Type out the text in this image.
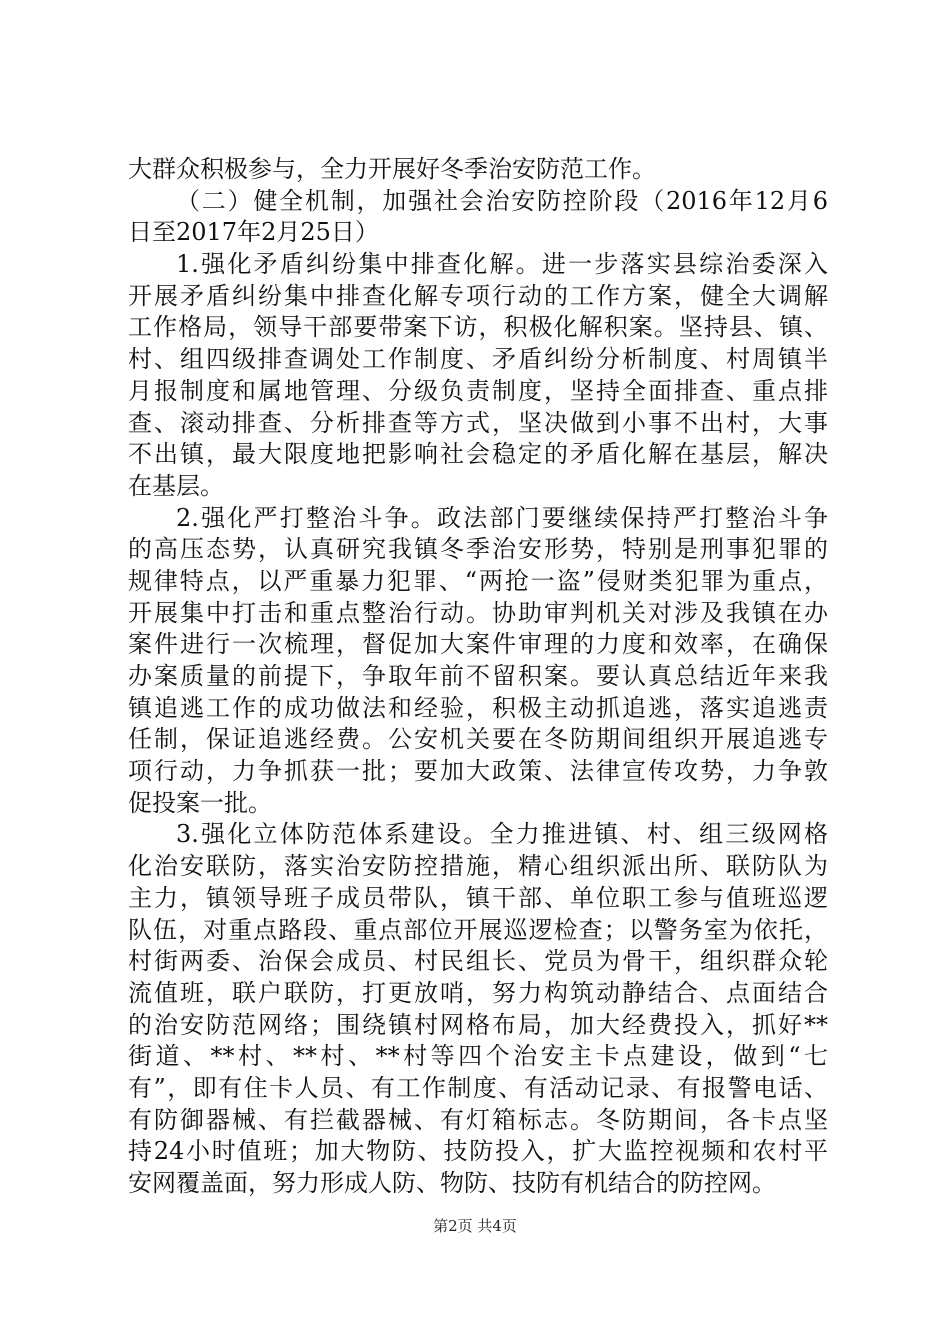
大群众积极参与，全力开展好冬季治安防范工作。
（二）健全机制，加强社会治安防控阶段（2016年12月6
日至2017年2月25日）
1.强化矛盾纠纷集中排查化解。进一步落实县综治委深入
开展矛盾纠纷集中排查化解专项行动的工作方案，健全大调解
工作格局，领导干部要带案下访，积极化解积案。坚持县、镇、
村、组四级排查调处工作制度、矛盾纠纷分析制度、村周镇半
月报制度和属地管理、分级负责制度，坚持全面排查、重点排
查、滚动排查、分析排查等方式，坚决做到小事不出村，大事
不出镇，最大限度地把影响社会稳定的矛盾化解在基层，解决
在基层。
2.强化严打整治斗争。政法部门要继续保持严打整治斗争
的高压态势，认真研究我镇冬季治安形势，特别是刑事犯罪的
规律特点，以严重暴力犯罪、“两抢一盗”侵财类犯罪为重点，
开展集中打击和重点整治行动。协助审判机关对涉及我镇在办
案件进行一次梳理，督促加大案件审理的力度和效率，在确保
办案质量的前提下，争取年前不留积案。要认真总结近年来我
镇追逃工作的成功做法和经验，积极主动抓追逃，落实追逃责
任制，保证追逃经费。公安机关要在冬防期间组织开展追逃专
项行动，力争抓获一批；要加大政策、法律宣传攻势，力争敦
促投案一批。
3.强化立体防范体系建设。全力推进镇、村、组三级网格
化治安联防，落实治安防控措施，精心组织派出所、联防队为
主力，镇领导班子成员带队，镇干部、单位职工参与值班巡逻
队伍，对重点路段、重点部位开展巡逻检查；以警务室为依托，
村街两委、治保会成员、村民组长、党员为骨干，组织群众轮
流值班，联户联防，打更放哨，努力构筑动静结合、点面结合
的治安防范网络；围绕镇村网格布局，加大经费投入，抓好**
街道、**村、**村、**村等四个治安主卡点建设，做到“七
有”，即有住卡人员、有工作制度、有活动记录、有报警电话、
有防御器械、有拦截器械、有灯箱标志。冬防期间，各卡点坚
持24小时值班；加大物防、技防投入，扩大监控视频和农村平
安网覆盖面，努力形成人防、物防、技防有机结合的防控网。
第2页 共4页
